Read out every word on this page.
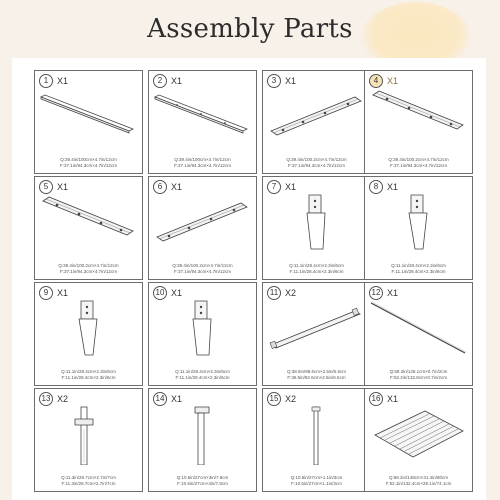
Assembly Parts
1 X1
Q:39.4in/100cm×4.7in/12cm
F:37.1in/94.3cm×4.7in/12cm
2 X1
Q:39.4in/100cm×4.7in/12cm
F:37.1in/94.3cm×4.7in/12cm
3 X1
Q:39.4in/100.2cm×4.7in/12cm
F:37.1in/94.3cm×4.7in/12cm
4 X1
Q:39.4in/100.2cm×4.7in/12cm
F:37.1in/94.3cm×4.7in/12cm
5 X1
Q:39.4in/100.2cm×4.7in/12cm
F:37.1in/94.3cm×4.7in/12cm
6 X1
Q:39.4in/100.2cm×4.7in/12cm
F:37.1in/94.3cm×4.7in/12cm
7 X1
Q:11.1in/28.4cm×2.3in/6cm
F:11.1in/28.4cm×2.3in/6cm
8 X1
Q:11.1in/28.4cm×2.3in/6cm
F:11.1in/28.4cm×2.3in/6cm
9 X1
Q:11.1in/28.4cm×2.3in/6cm
F:11.1in/28.4cm×2.3in/6cm
10 X1
Q:11.1in/28.4cm×2.3in/6cm
F:11.1in/28.4cm×2.3in/6cm
11 X2
Q:38.6in/98.6cm×2.5in/6.5cm
F:36.5in/92.6cm×2.5in/6.5cm
12 X1
Q:58.3in/148.1cm×0.7in/2cm
F:52.2in/132.8cm×0.7in/2cm
13 X2
Q:11.3in/28.7cm×2.7in/7cm
F:11.3in/28.7cm×2.7in/7cm
14 X1
Q:10.6in/27cm×3in/7.8cm
F:10.6in/27cm×3in/7.8cm
15 X2
Q:10.6in/27cm×1.1in/3cm
F:10.6in/27cm×1.1in/3cm
16 X1
Q:58.2in/148cm×31.4in/80cm
F:52.1in/132.4cm×29.1in/74.1cm
